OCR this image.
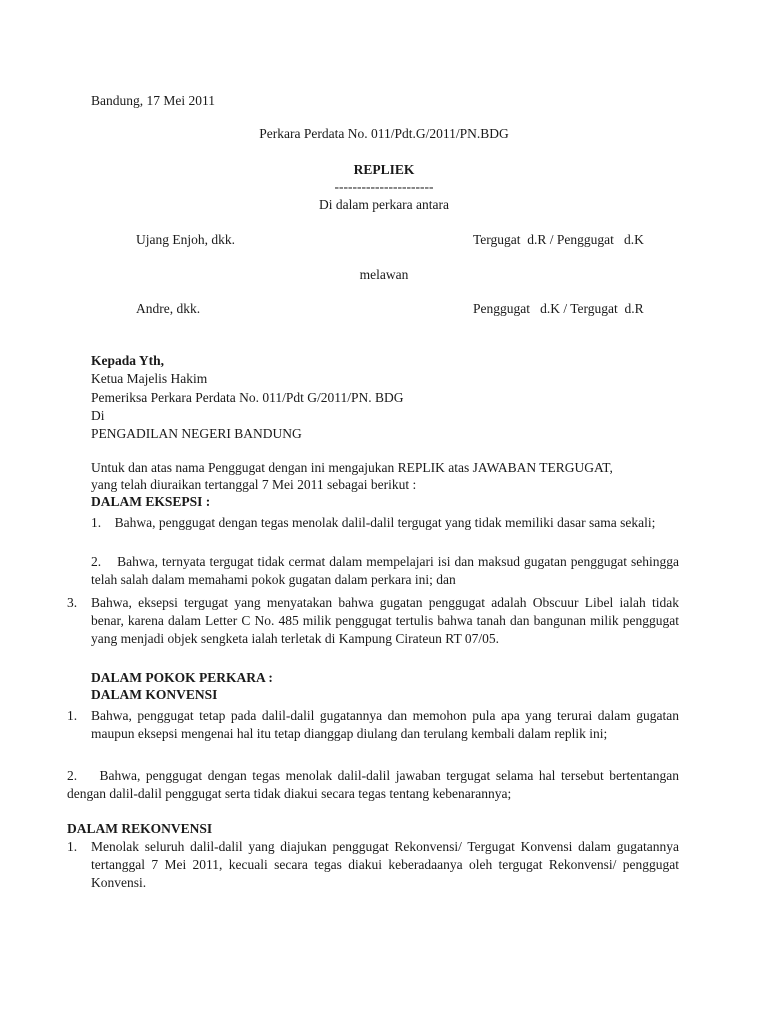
Bandung, 17 Mei 2011
Perkara Perdata No. 011/Pdt.G/2011/PN.BDG
REPLIEK
----------------------
Di dalam perkara antara
Ujang Enjoh, dkk.	Tergugat  d.R / Penggugat   d.K
melawan
Andre, dkk.	Penggugat   d.K / Tergugat  d.R
Kepada Yth,
Ketua Majelis Hakim
Pemeriksa Perkara Perdata No. 011/Pdt G/2011/PN. BDG
Di
PENGADILAN NEGERI BANDUNG
Untuk dan atas nama Penggugat dengan ini mengajukan REPLIK atas JAWABAN TERGUGAT,
yang telah diuraikan tertanggal 7 Mei 2011 sebagai berikut :
DALAM EKSEPSI :
1. Bahwa, penggugat dengan tegas menolak dalil-dalil tergugat yang tidak memiliki dasar sama sekali;
2. Bahwa, ternyata tergugat tidak cermat dalam mempelajari isi dan maksud gugatan penggugat sehingga telah salah dalam memahami pokok gugatan dalam perkara ini; dan
3. Bahwa, eksepsi tergugat yang menyatakan bahwa gugatan penggugat adalah Obscuur Libel ialah tidak benar, karena dalam Letter C No. 485 milik penggugat tertulis bahwa tanah dan bangunan milik penggugat yang menjadi objek sengketa ialah terletak di Kampung Cirateun RT 07/05.
DALAM POKOK PERKARA :
DALAM KONVENSI
1. Bahwa, penggugat tetap pada dalil-dalil gugatannya dan memohon pula apa yang terurai dalam gugatan maupun eksepsi mengenai hal itu tetap dianggap diulang dan terulang kembali dalam replik ini;
2. Bahwa, penggugat dengan tegas menolak dalil-dalil jawaban tergugat selama hal tersebut bertentangan dengan dalil-dalil penggugat serta tidak diakui secara tegas tentang kebenarannya;
DALAM REKONVENSI
1. Menolak seluruh dalil-dalil yang diajukan penggugat Rekonvensi/ Tergugat Konvensi dalam gugatannya tertanggal 7 Mei 2011, kecuali secara tegas diakui keberadaanya oleh tergugat Rekonvensi/ penggugat Konvensi.
